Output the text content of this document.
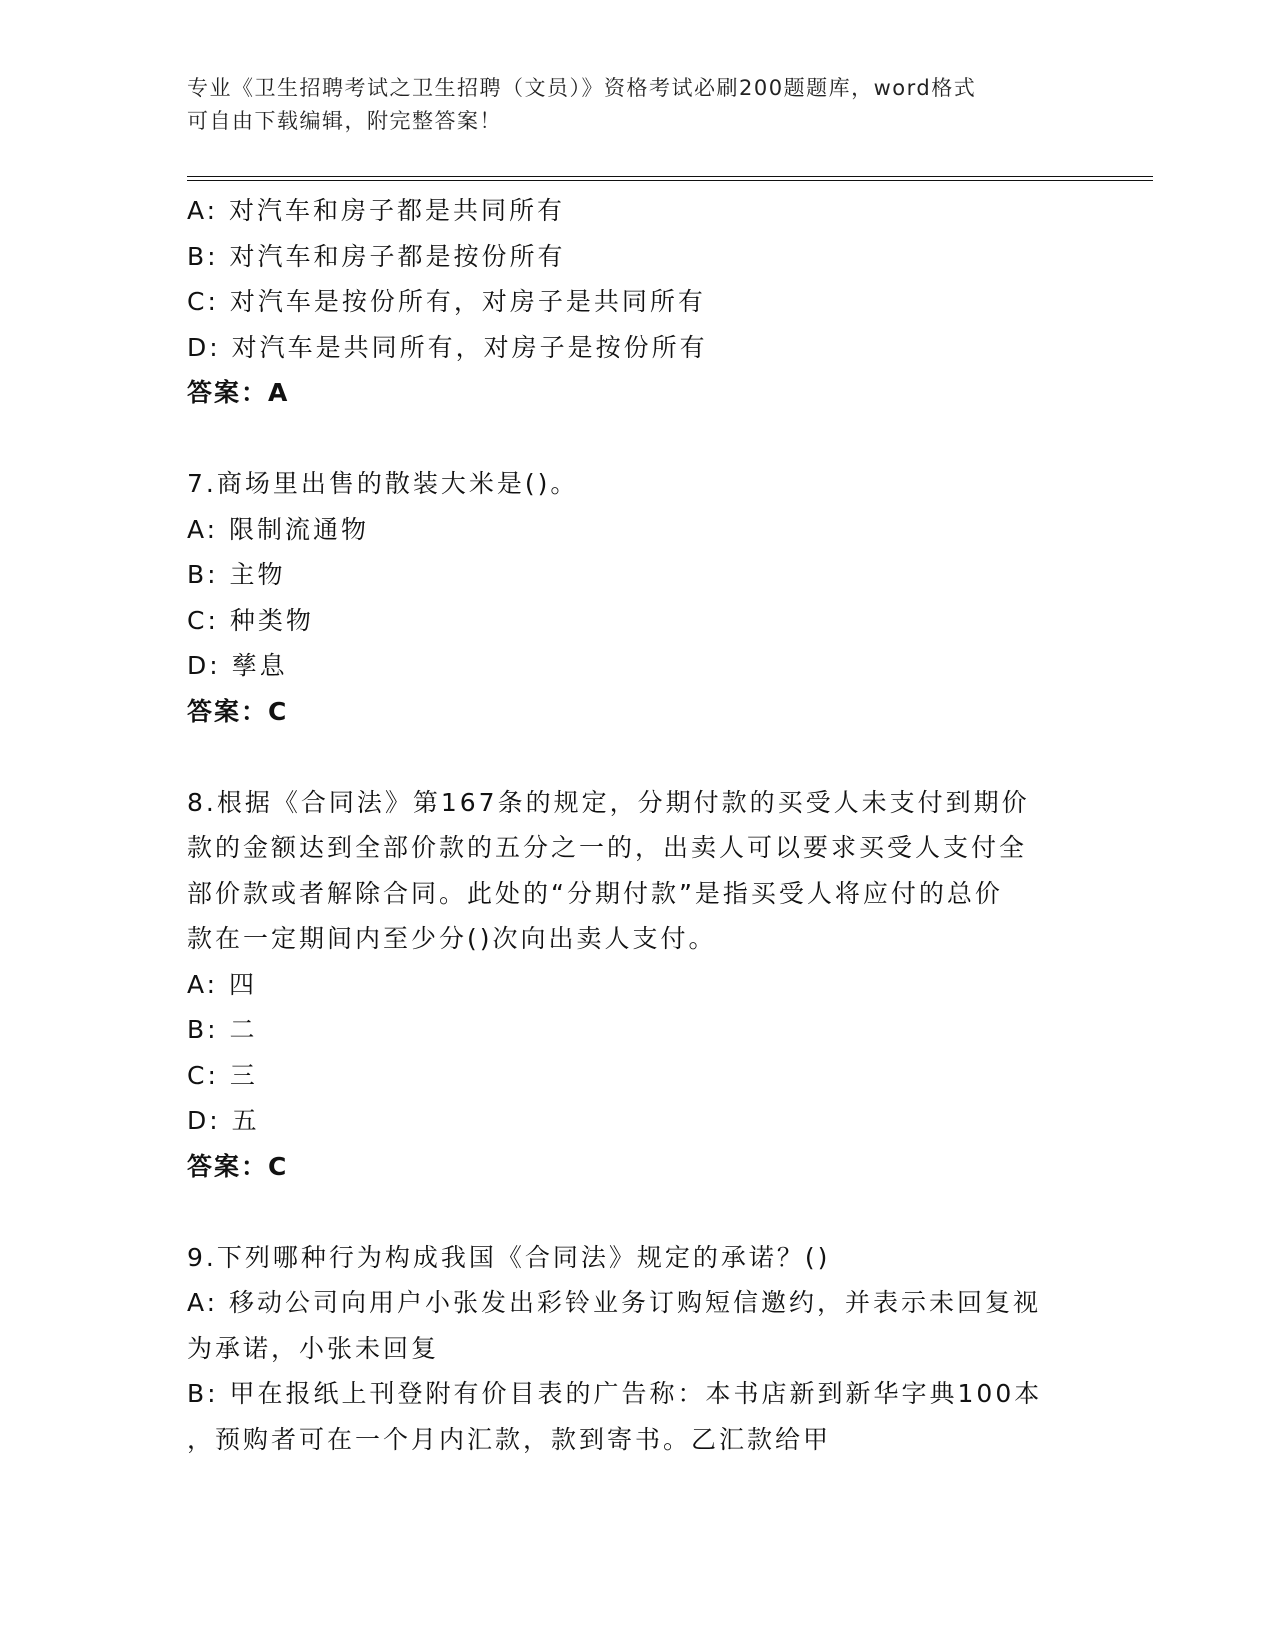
专业《卫生招聘考试之卫生招聘（文员）》资格考试必刷200题题库，word格式
可自由下载编辑，附完整答案！
A: 对汽车和房子都是共同所有
B: 对汽车和房子都是按份所有
C: 对汽车是按份所有，对房子是共同所有
D: 对汽车是共同所有，对房子是按份所有
答案：A
7.商场里出售的散装大米是()。
A: 限制流通物
B: 主物
C: 种类物
D: 孳息
答案：C
8.根据《合同法》第167条的规定，分期付款的买受人未支付到期价
款的金额达到全部价款的五分之一的，出卖人可以要求买受人支付全
部价款或者解除合同。此处的“分期付款”是指买受人将应付的总价
款在一定期间内至少分()次向出卖人支付。
A: 四
B: 二
C: 三
D: 五
答案：C
9.下列哪种行为构成我国《合同法》规定的承诺？()
A: 移动公司向用户小张发出彩铃业务订购短信邀约，并表示未回复视
为承诺，小张未回复
B: 甲在报纸上刊登附有价目表的广告称：本书店新到新华字典100本
，预购者可在一个月内汇款，款到寄书。乙汇款给甲
